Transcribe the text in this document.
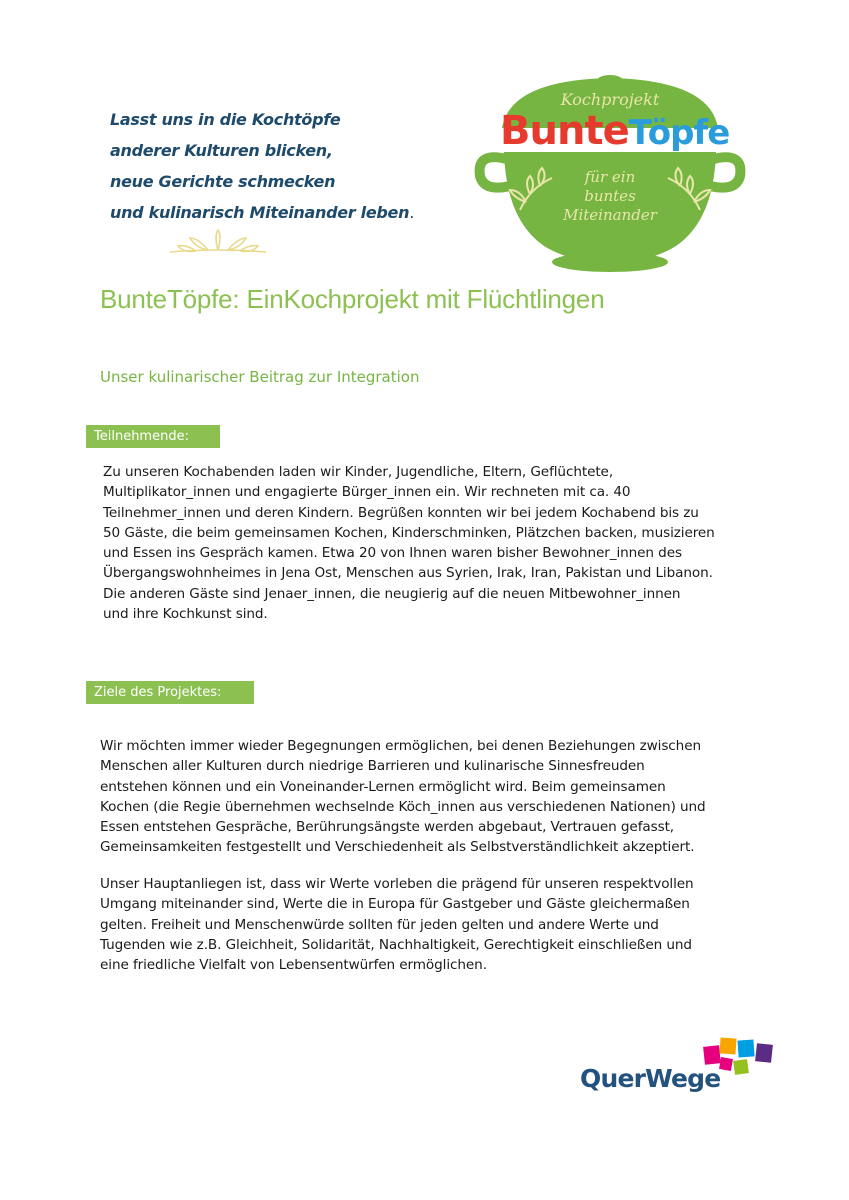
Lasst uns in die Kochtöpfe
anderer Kulturen blicken,
neue Gerichte schmecken
und kulinarisch Miteinander leben.
Kochprojekt
BunteTöpfe
für ein
buntes
Miteinander
BunteTöpfe: EinKochprojekt mit Flüchtlingen
Unser kulinarischer Beitrag zur Integration
Teilnehmende:
Zu unseren Kochabenden laden wir Kinder, Jugendliche, Eltern, Geflüchtete,
Multiplikator_innen und engagierte Bürger_innen ein. Wir rechneten mit ca. 40
Teilnehmer_innen und deren Kindern. Begrüßen konnten wir bei jedem Kochabend bis zu
50 Gäste, die beim gemeinsamen Kochen, Kinderschminken, Plätzchen backen, musizieren
und Essen ins Gespräch kamen. Etwa 20 von Ihnen waren bisher Bewohner_innen des
Übergangswohnheimes in Jena Ost, Menschen aus Syrien, Irak, Iran, Pakistan und Libanon.
Die anderen Gäste sind Jenaer_innen, die neugierig auf die neuen Mitbewohner_innen
und ihre Kochkunst sind.
Ziele des Projektes:
Wir möchten immer wieder Begegnungen ermöglichen, bei denen Beziehungen zwischen
Menschen aller Kulturen durch niedrige Barrieren und kulinarische Sinnesfreuden
entstehen können und ein Voneinander-Lernen ermöglicht wird. Beim gemeinsamen
Kochen (die Regie übernehmen wechselnde Köch_innen aus verschiedenen Nationen) und
Essen entstehen Gespräche, Berührungsängste werden abgebaut, Vertrauen gefasst,
Gemeinsamkeiten festgestellt und Verschiedenheit als Selbstverständlichkeit akzeptiert.
Unser Hauptanliegen ist, dass wir Werte vorleben die prägend für unseren respektvollen
Umgang miteinander sind, Werte die in Europa für Gastgeber und Gäste gleichermaßen
gelten. Freiheit und Menschenwürde sollten für jeden gelten und andere Werte und
Tugenden wie z.B. Gleichheit, Solidarität, Nachhaltigkeit, Gerechtigkeit einschließen und
eine friedliche Vielfalt von Lebensentwürfen ermöglichen.
QuerWege
